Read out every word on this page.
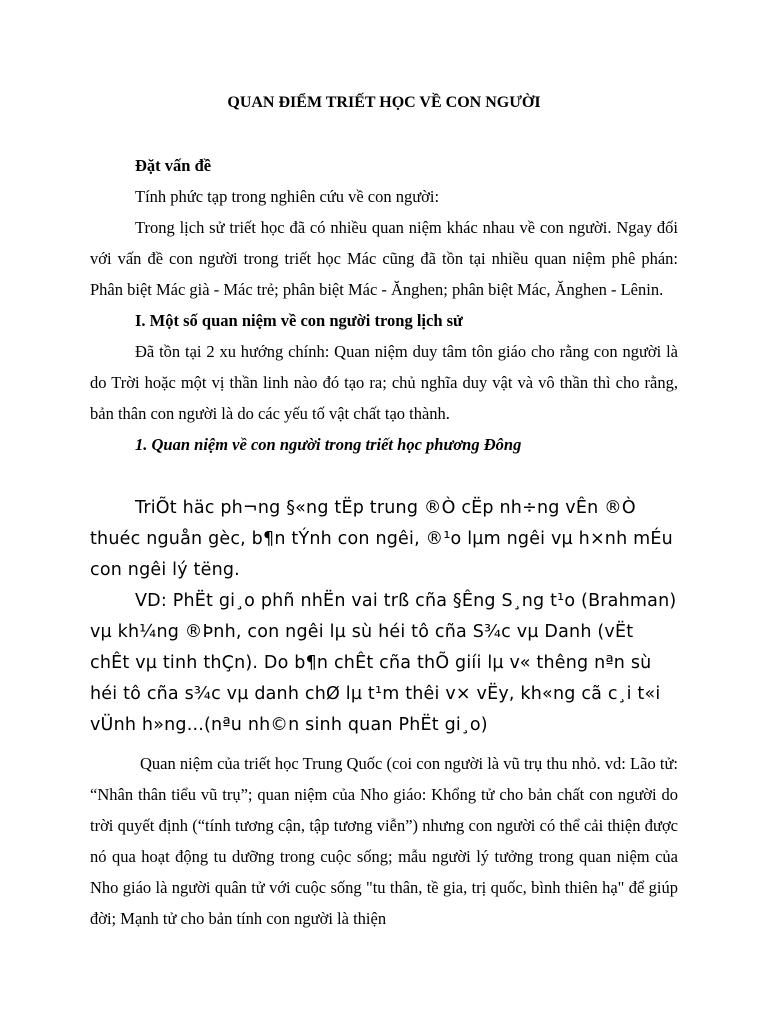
QUAN ĐIỂM TRIẾT HỌC VỀ CON NGƯỜI

Đặt vấn đề

Tính phức tạp trong nghiên cứu về con người:

Trong lịch sử triết học đã có nhiều quan niệm khác nhau về con người. Ngay đối với vấn đề con người trong triết học Mác cũng đã tồn tại nhiều quan niệm phê phán: Phân biệt Mác già - Mác trẻ; phân biệt Mác - Ănghen; phân biệt Mác, Ănghen - Lênin.

I. Một số quan niệm về con người trong lịch sử

Đã tồn tại 2 xu hướng chính: Quan niệm duy tâm tôn giáo cho rằng con người là do Trời hoặc một vị thần linh nào đó tạo ra; chủ nghĩa duy vật và vô thần thì cho rằng, bản thân con người là do các yếu tố vật chất tạo thành.

1. Quan niệm về con người trong triết học phương Đông

TriÕt häc ph¬ng §«ng tËp trung ®Ò cËp nh÷ng vÊn ®Ò thuéc nguån gèc, b¶n tÝnh con ngêi, ®¹o lµm ngêi vµ h×nh mÉu con ngêi lý tëng.

VD: PhËt gi¸o phñ nhËn vai trß cña §Êng S¸ng t¹o (Brahman) vµ kh¼ng ®Þnh, con ngêi lµ sù héi tô cña S¾c vµ Danh (vËt chÊt vµ tinh thÇn). Do b¶n chÊt cña thÕ giíi lµ v« thêng nªn sù héi tô cña s¾c vµ danh chØ lµ t¹m thêi v× vËy, kh«ng cã c¸i t«i vÜnh h»ng...(nªu nh©n sinh quan PhËt gi¸o)

Quan niệm của triết học Trung Quốc (coi con người là vũ trụ thu nhỏ. vd: Lão tử: “Nhân thân tiểu vũ trụ”; quan niệm của Nho giáo: Khổng tử cho bản chất con người do trời quyết định (“tính tương cận, tập tương viễn”) nhưng con người có thể cải thiện được nó qua hoạt động tu dưỡng trong cuộc sống; mẫu người lý tưởng trong quan niệm của Nho giáo là người quân tử với cuộc sống "tu thân, tề gia, trị quốc, bình thiên hạ" để giúp đời; Mạnh tử cho bản tính con người là thiện
